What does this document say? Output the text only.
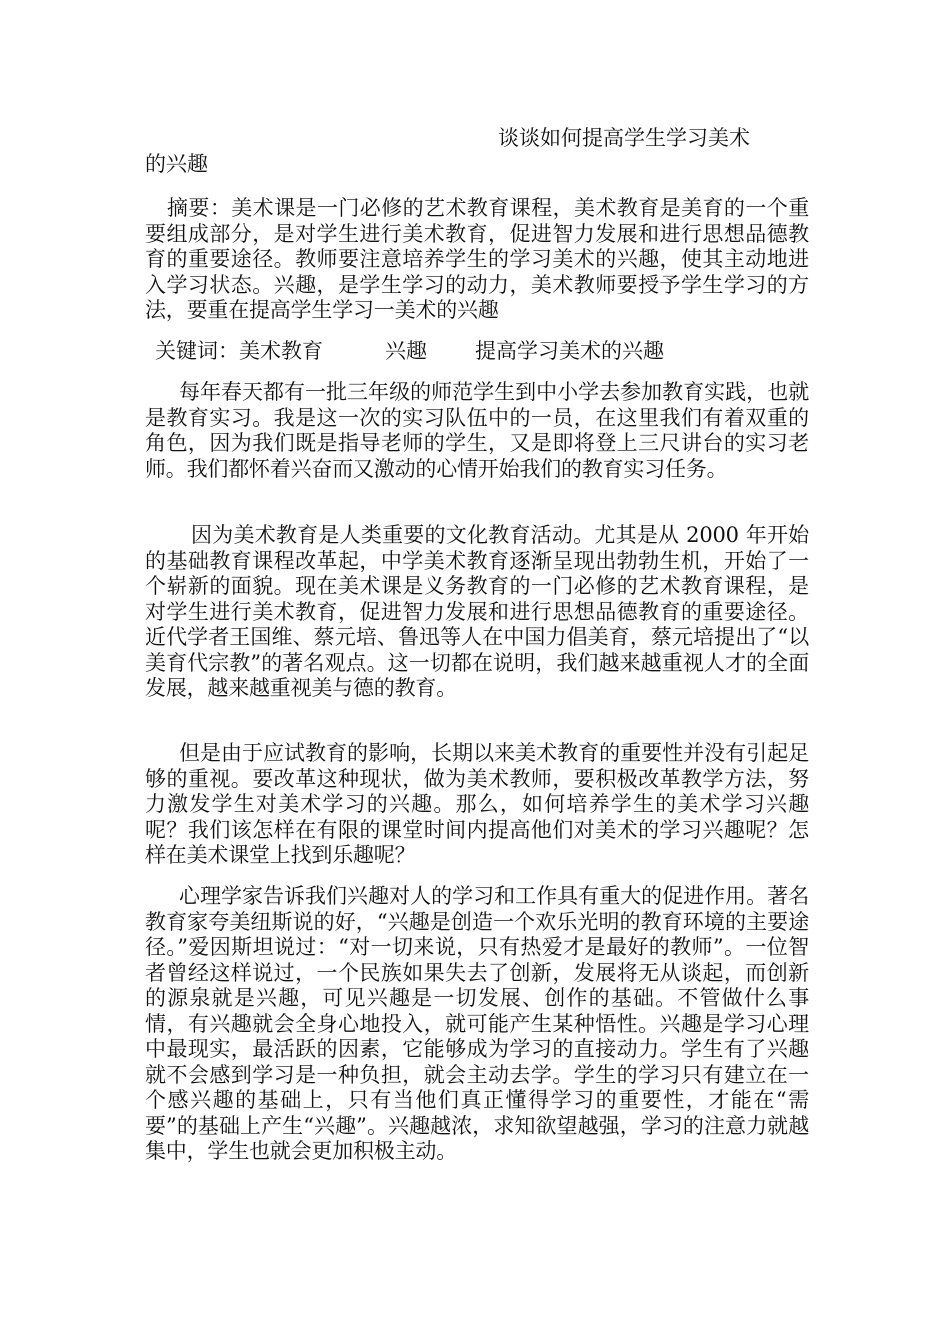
谈谈如何提高学生学习美术
的兴趣
摘要：美术课是一门必修的艺术教育课程，美术教育是美育的一个重要组成部分，是对学生进行美术教育，促进智力发展和进行思想品德教育的重要途径。教师要注意培养学生的学习美术的兴趣，使其主动地进入学习状态。兴趣，是学生学习的动力，美术教师要授予学生学习的方法，要重在提高学生学习一美术的兴趣
关键词：美术教育	兴趣 提高学习美术的兴趣
每年春天都有一批三年级的师范学生到中小学去参加教育实践，也就是教育实习。我是这一次的实习队伍中的一员，在这里我们有着双重的角色，因为我们既是指导老师的学生，又是即将登上三尺讲台的实习老师。我们都怀着兴奋而又激动的心情开始我们的教育实习任务。
因为美术教育是人类重要的文化教育活动。尤其是从 2000 年开始的基础教育课程改革起，中学美术教育逐渐呈现出勃勃生机，开始了一个崭新的面貌。现在美术课是义务教育的一门必修的艺术教育课程，是对学生进行美术教育，促进智力发展和进行思想品德教育的重要途径。近代学者王国维、蔡元培、鲁迅等人在中国力倡美育，蔡元培提出了“以美育代宗教”的著名观点。这一切都在说明，我们越来越重视人才的全面发展，越来越重视美与德的教育。
但是由于应试教育的影响，长期以来美术教育的重要性并没有引起足够的重视。要改革这种现状，做为美术教师，要积极改革教学方法，努力激发学生对美术学习的兴趣。那么，如何培养学生的美术学习兴趣呢？我们该怎样在有限的课堂时间内提高他们对美术的学习兴趣呢？怎样在美术课堂上找到乐趣呢？
心理学家告诉我们兴趣对人的学习和工作具有重大的促进作用。著名教育家夸美纽斯说的好，“兴趣是创造一个欢乐光明的教育环境的主要途径。”爱因斯坦说过：“对一切来说，只有热爱才是最好的教师”。一位智者曾经这样说过，一个民族如果失去了创新，发展将无从谈起，而创新的源泉就是兴趣，可见兴趣是一切发展、创作的基础。不管做什么事情，有兴趣就会全身心地投入，就可能产生某种悟性。兴趣是学习心理中最现实，最活跃的因素，它能够成为学习的直接动力。学生有了兴趣就不会感到学习是一种负担，就会主动去学。学生的学习只有建立在一个感兴趣的基础上，只有当他们真正懂得学习的重要性，才能在“需要”的基础上产生“兴趣”。兴趣越浓，求知欲望越强，学习的注意力就越集中，学生也就会更加积极主动。
